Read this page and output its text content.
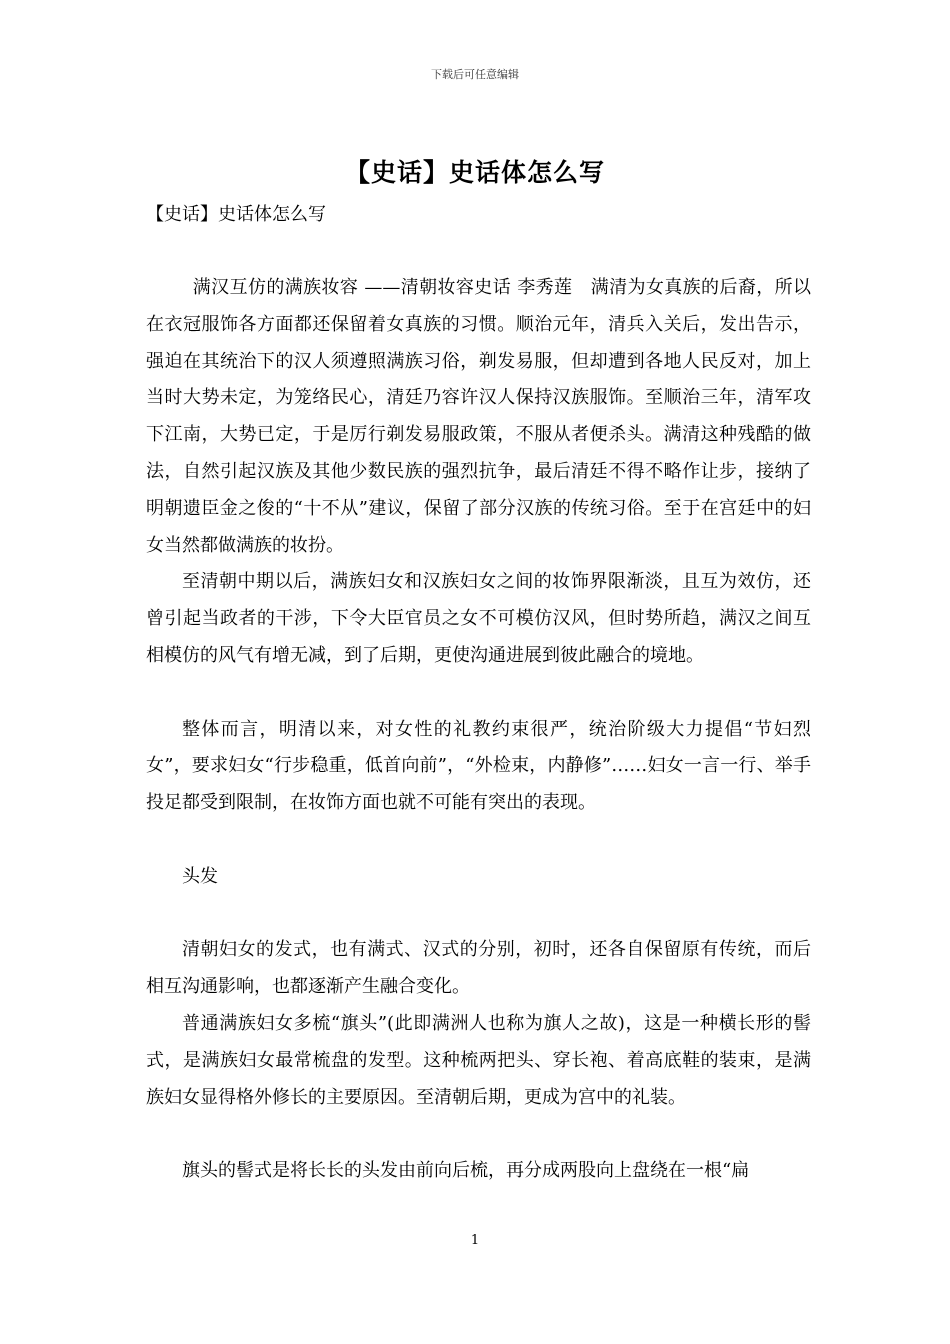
下载后可任意编辑
【史话】史话体怎么写
【史话】史话体怎么写

满汉互仿的满族妆容 ——清朝妆容史话 李秀莲　满清为女真族的后裔，所以在衣冠服饰各方面都还保留着女真族的习惯。顺治元年，清兵入关后，发出告示，强迫在其统治下的汉人须遵照满族习俗，剃发易服，但却遭到各地人民反对，加上当时大势未定，为笼络民心，清廷乃容许汉人保持汉族服饰。至顺治三年，清军攻下江南，大势已定，于是厉行剃发易服政策，不服从者便杀头。满清这种残酷的做法，自然引起汉族及其他少数民族的强烈抗争，最后清廷不得不略作让步，接纳了明朝遗臣金之俊的“十不从”建议，保留了部分汉族的传统习俗。至于在宫廷中的妇女当然都做满族的妆扮。

至清朝中期以后，满族妇女和汉族妇女之间的妆饰界限渐淡，且互为效仿，还曾引起当政者的干涉，下令大臣官员之女不可模仿汉风，但时势所趋，满汉之间互相模仿的风气有增无减，到了后期，更使沟通进展到彼此融合的境地。

整体而言，明清以来，对女性的礼教约束很严，统治阶级大力提倡“节妇烈女”，要求妇女“行步稳重，低首向前”，“外检束，内静修”……妇女一言一行、举手投足都受到限制，在妆饰方面也就不可能有突出的表现。

头发

清朝妇女的发式，也有满式、汉式的分别，初时，还各自保留原有传统，而后相互沟通影响，也都逐渐产生融合变化。

普通满族妇女多梳“旗头”(此即满洲人也称为旗人之故)，这是一种横长形的髻式，是满族妇女最常梳盘的发型。这种梳两把头、穿长袍、着高底鞋的装束，是满族妇女显得格外修长的主要原因。至清朝后期，更成为宫中的礼装。

旗头的髻式是将长长的头发由前向后梳，再分成两股向上盘绕在一根“扁

1
